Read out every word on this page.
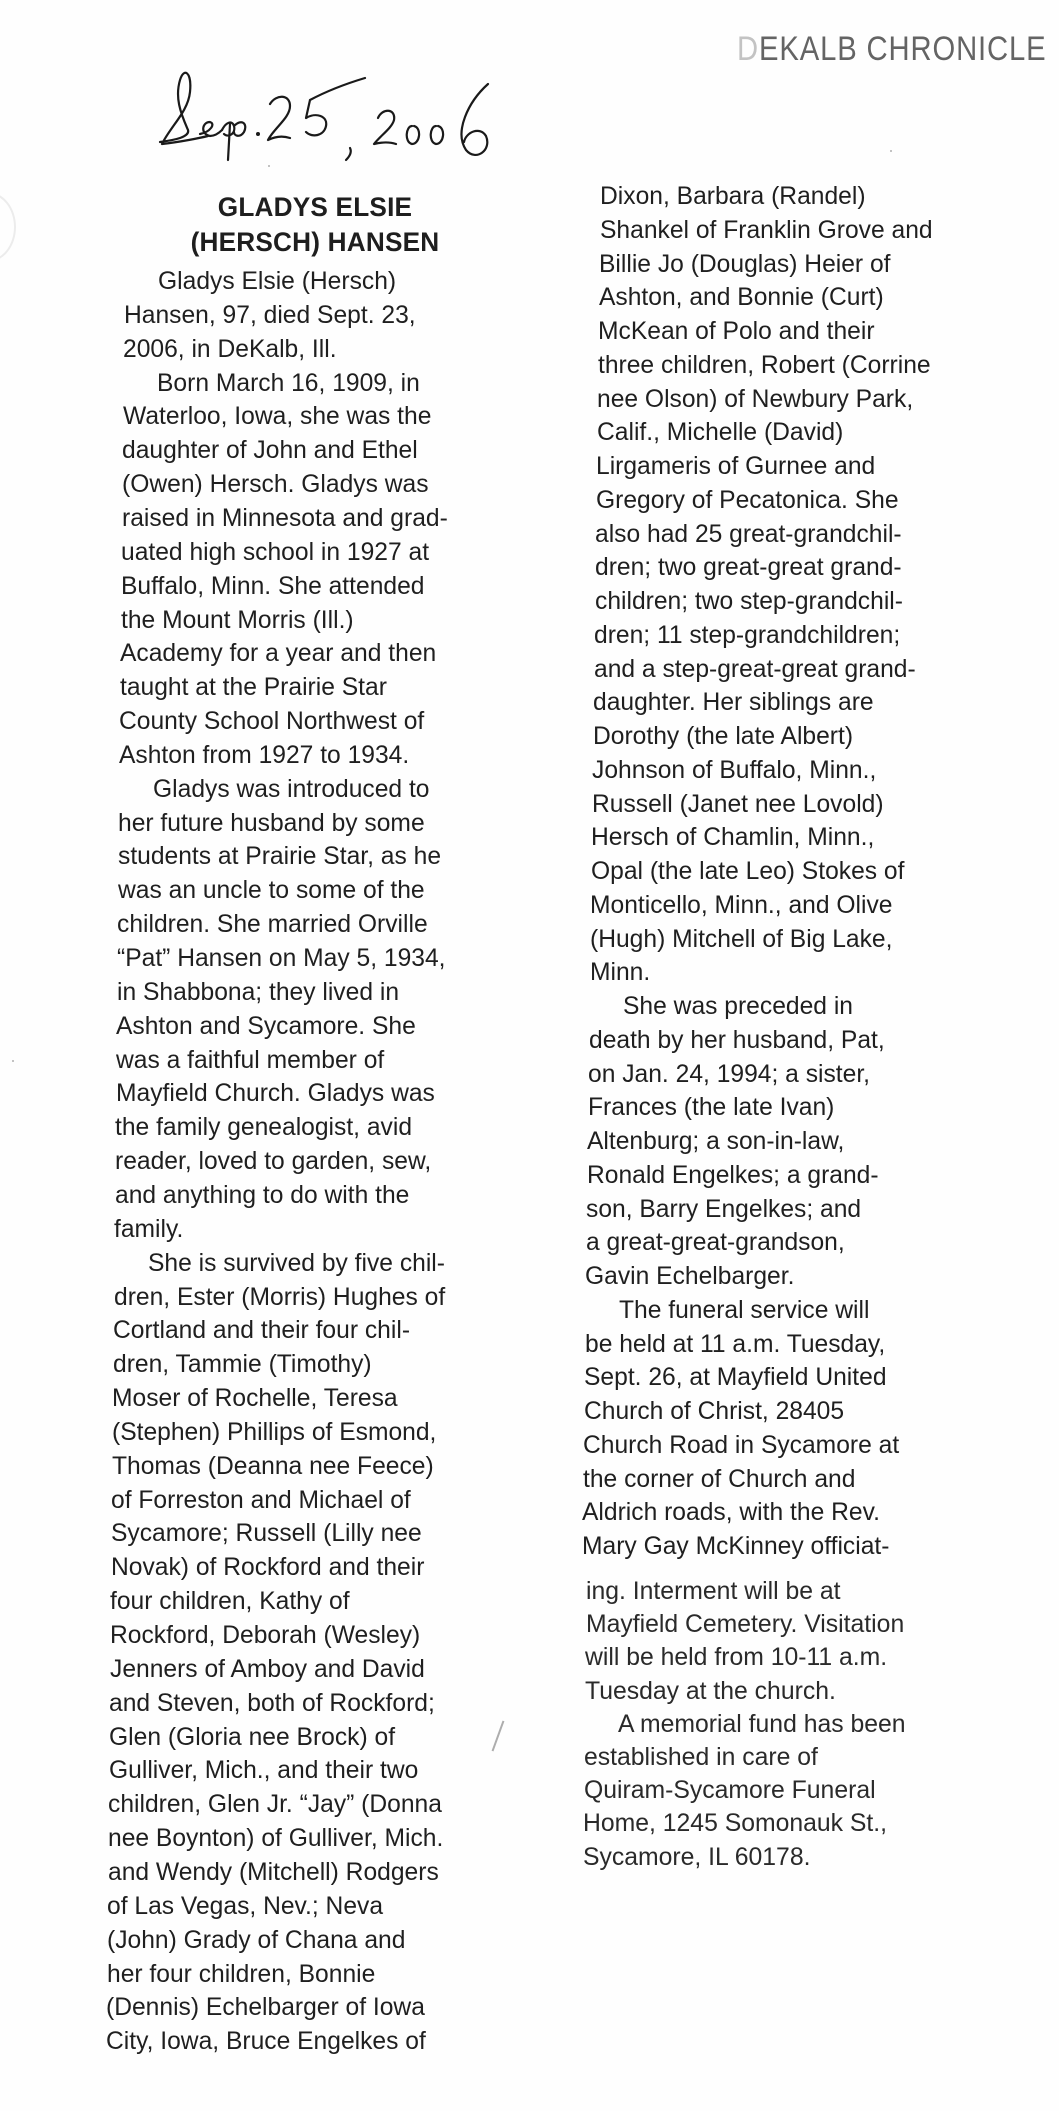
DEKALB CHRONICLE
GLADYS ELSIE
(HERSCH) HANSEN
Gladys Elsie (Hersch)
Hansen, 97, died Sept. 23,
2006, in DeKalb, Ill.
Born March 16, 1909, in
Waterloo, Iowa, she was the
daughter of John and Ethel
(Owen) Hersch. Gladys was
raised in Minnesota and grad-
uated high school in 1927 at
Buffalo, Minn. She attended
the Mount Morris (Ill.)
Academy for a year and then
taught at the Prairie Star
County School Northwest of
Ashton from 1927 to 1934.
Gladys was introduced to
her future husband by some
students at Prairie Star, as he
was an uncle to some of the
children. She married Orville
“Pat” Hansen on May 5, 1934,
in Shabbona; they lived in
Ashton and Sycamore. She
was a faithful member of
Mayfield Church. Gladys was
the family genealogist, avid
reader, loved to garden, sew,
and anything to do with the
family.
She is survived by five chil-
dren, Ester (Morris) Hughes of
Cortland and their four chil-
dren, Tammie (Timothy)
Moser of Rochelle, Teresa
(Stephen) Phillips of Esmond,
Thomas (Deanna nee Feece)
of Forreston and Michael of
Sycamore; Russell (Lilly nee
Novak) of Rockford and their
four children, Kathy of
Rockford, Deborah (Wesley)
Jenners of Amboy and David
and Steven, both of Rockford;
Glen (Gloria nee Brock) of
Gulliver, Mich., and their two
children, Glen Jr. “Jay” (Donna
nee Boynton) of Gulliver, Mich.
and Wendy (Mitchell) Rodgers
of Las Vegas, Nev.; Neva
(John) Grady of Chana and
her four children, Bonnie
(Dennis) Echelbarger of Iowa
City, Iowa, Bruce Engelkes of
Dixon, Barbara (Randel)
Shankel of Franklin Grove and
Billie Jo (Douglas) Heier of
Ashton, and Bonnie (Curt)
McKean of Polo and their
three children, Robert (Corrine
nee Olson) of Newbury Park,
Calif., Michelle (David)
Lirgameris of Gurnee and
Gregory of Pecatonica. She
also had 25 great-grandchil-
dren; two great-great grand-
children; two step-grandchil-
dren; 11 step-grandchildren;
and a step-great-great grand-
daughter. Her siblings are
Dorothy (the late Albert)
Johnson of Buffalo, Minn.,
Russell (Janet nee Lovold)
Hersch of Chamlin, Minn.,
Opal (the late Leo) Stokes of
Monticello, Minn., and Olive
(Hugh) Mitchell of Big Lake,
Minn.
She was preceded in
death by her husband, Pat,
on Jan. 24, 1994; a sister,
Frances (the late Ivan)
Altenburg; a son-in-law,
Ronald Engelkes; a grand-
son, Barry Engelkes; and
a great-great-grandson,
Gavin Echelbarger.
The funeral service will
be held at 11 a.m. Tuesday,
Sept. 26, at Mayfield United
Church of Christ, 28405
Church Road in Sycamore at
the corner of Church and
Aldrich roads, with the Rev.
Mary Gay McKinney officiat-
ing. Interment will be at
Mayfield Cemetery. Visitation
will be held from 10-11 a.m.
Tuesday at the church.
A memorial fund has been
established in care of
Quiram-Sycamore Funeral
Home, 1245 Somonauk St.,
Sycamore, IL 60178.
